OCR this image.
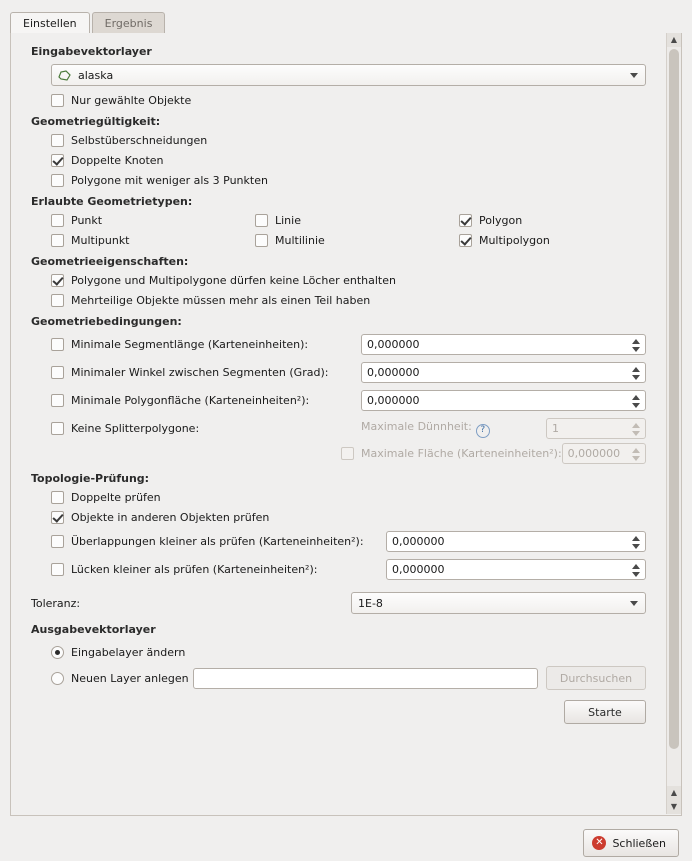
Einstellen	Ergebnis
Eingabevektorlayer
alaska
Nur gewählte Objekte
Geometriegültigkeit:
Selbstüberschneidungen
Doppelte Knoten
Polygone mit weniger als 3 Punkten
Erlaubte Geometrietypen:
Punkt	Linie	Polygon
Multipunkt	Multilinie	Multipolygon
Geometrieeigenschaften:
Polygone und Multipolygone dürfen keine Löcher enthalten
Mehrteilige Objekte müssen mehr als einen Teil haben
Geometriebedingungen:
Minimale Segmentlänge (Karteneinheiten):	0,000000
Minimaler Winkel zwischen Segmenten (Grad):	0,000000
Minimale Polygonfläche (Karteneinheiten²):	0,000000
Keine Splitterpolygone:	Maximale Dünnheit: ?	1
Maximale Fläche (Karteneinheiten²): 0,000000
Topologie-Prüfung:
Doppelte prüfen
Objekte in anderen Objekten prüfen
Überlappungen kleiner als prüfen (Karteneinheiten²):	0,000000
Lücken kleiner als prüfen (Karteneinheiten²):	0,000000
Toleranz:	1E-8
Ausgabevektorlayer
Eingabelayer ändern
Neuen Layer anlegen	Durchsuchen
Starte
▲
▲
▼
✕ Schließen
